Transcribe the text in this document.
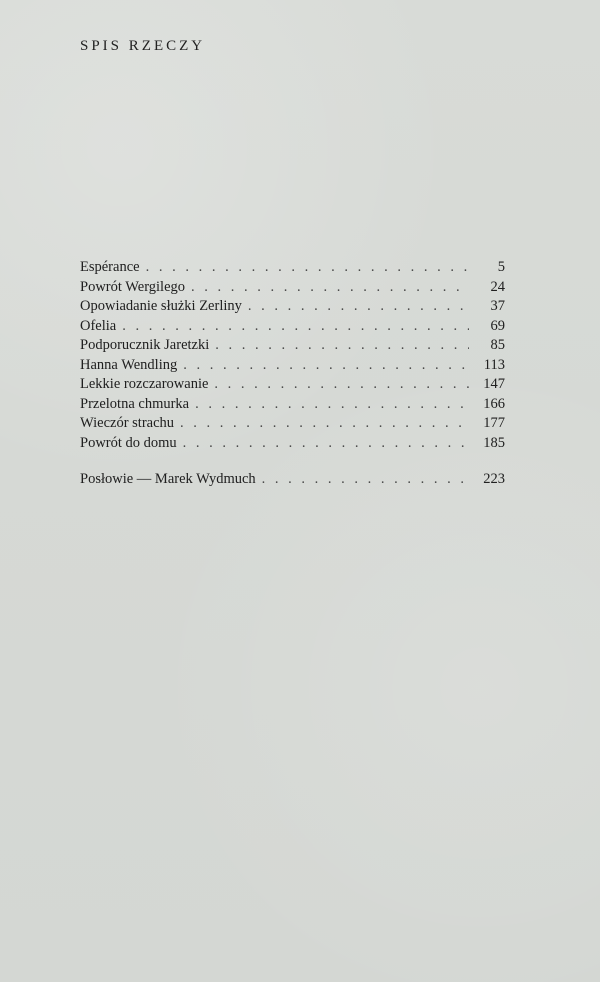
SPIS RZECZY
Espérance . . .	5
Powrót Wergilego . . .	24
Opowiadanie służki Zerliny . . .	37
Ofelia . . .	69
Podporucznik Jaretzki . . .	85
Hanna Wendling . . .	113
Lekkie rozczarowanie . . .	147
Przelotna chmurka . . .	166
Wieczór strachu . . .	177
Powrót do domu . . .	185
Posłowie — Marek Wydmuch . . .	223
